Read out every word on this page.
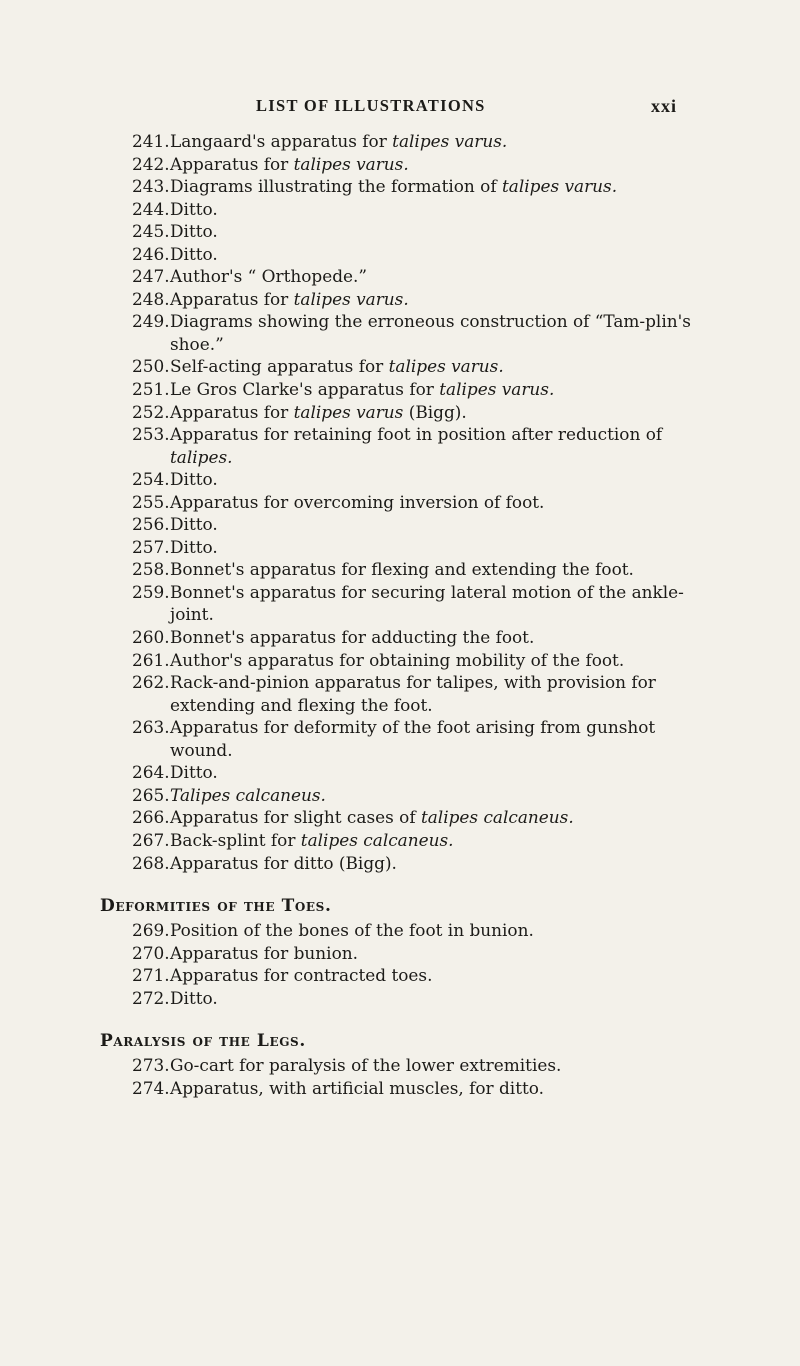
LIST OF ILLUSTRATIONS	xxi
241.Langaard's apparatus for talipes varus.
242.Apparatus for talipes varus.
243.Diagrams illustrating the formation of talipes varus.
244.Ditto.
245.Ditto.
246.Ditto.
247.Author's “ Orthopede.”
248.Apparatus for talipes varus.
249.Diagrams showing the erroneous construction of “Tam-plin's shoe.”
250.Self-acting apparatus for talipes varus.
251.Le Gros Clarke's apparatus for talipes varus.
252.Apparatus for talipes varus (Bigg).
253.Apparatus for retaining foot in position after reduction of talipes.
254.Ditto.
255.Apparatus for overcoming inversion of foot.
256.Ditto.
257.Ditto.
258.Bonnet's apparatus for flexing and extending the foot.
259.Bonnet's apparatus for securing lateral motion of the ankle-joint.
260.Bonnet's apparatus for adducting the foot.
261.Author's apparatus for obtaining mobility of the foot.
262.Rack-and-pinion apparatus for talipes, with provision for extending and flexing the foot.
263.Apparatus for deformity of the foot arising from gunshot wound.
264.Ditto.
265.Talipes calcaneus.
266.Apparatus for slight cases of talipes calcaneus.
267.Back-splint for talipes calcaneus.
268.Apparatus for ditto (Bigg).
Deformities of the Toes.
269.Position of the bones of the foot in bunion.
270.Apparatus for bunion.
271.Apparatus for contracted toes.
272.Ditto.
Paralysis of the Legs.
273.Go-cart for paralysis of the lower extremities.
274.Apparatus, with artificial muscles, for ditto.
